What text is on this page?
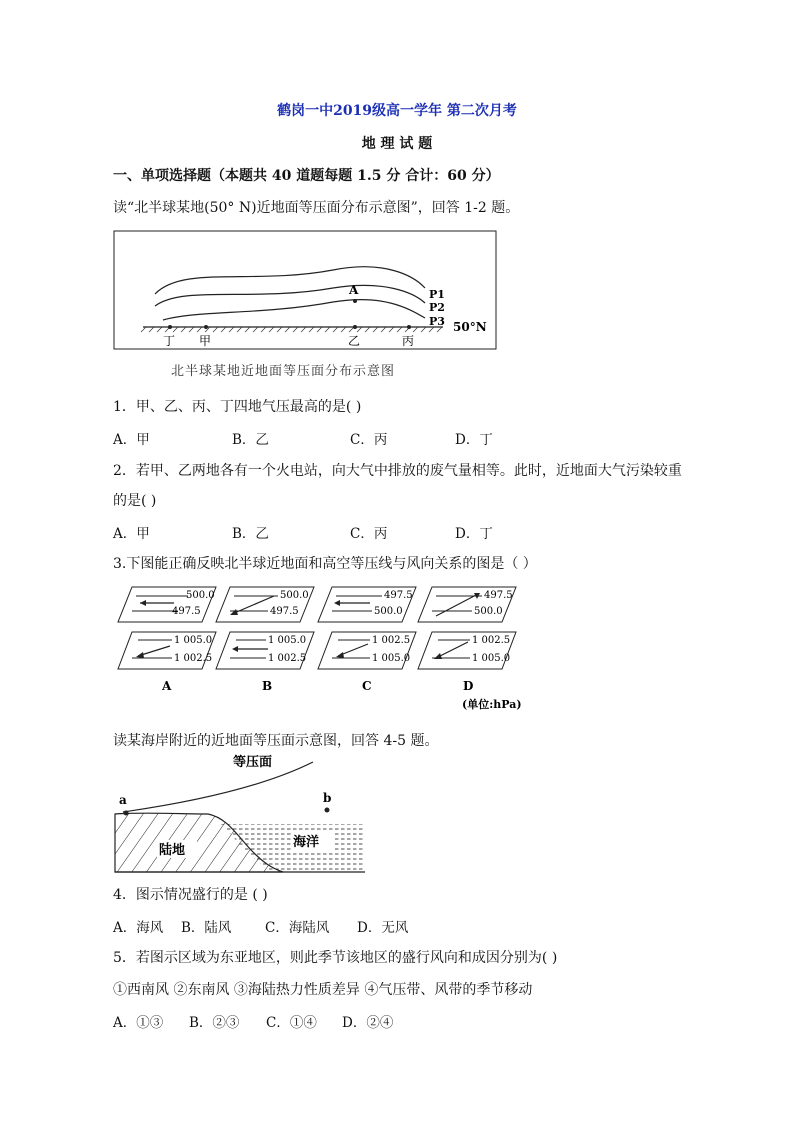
鹤岗一中2019级高一学年 第二次月考
地 理 试 题
一、单项选择题（本题共 40 道题每题 1.5 分 合计：60 分）
读“北半球某地(50° N)近地面等压面分布示意图”，回答 1-2 题。
A	P1
P2
P3 50°N
丁 甲	乙	丙
北半球某地近地面等压面分布示意图
1．甲、乙、丙、丁四地气压最高的是( )
A．甲	B．乙	C．丙	D．丁
2．若甲、乙两地各有一个火电站，向大气中排放的废气量相等。此时，近地面大气污染较重
的是( )
A．甲	B．乙	C．丙	D．丁
3.下图能正确反映北半球近地面和高空等压线与风向关系的图是（ ）
500.0
497.5
1 005.0
1 002.5
A
500.0
497.5
1 005.0
1 002.5
B
497.5
500.0
1 002.5
1 005.0
C
497.5
500.0
1 002.5
1 005.0
D
(单位:hPa)
读某海岸附近的近地面等压面示意图，回答 4-5 题。
等压面
a	b
陆地
海洋
4．图示情况盛行的是 ( )
A．海风 B．陆风 C．海陆风 D．无风
5．若图示区域为东亚地区，则此季节该地区的盛行风向和成因分别为( )
①西南风 ②东南风 ③海陆热力性质差异 ④气压带、风带的季节移动
A．①③ B．②③ C．①④ D．②④
